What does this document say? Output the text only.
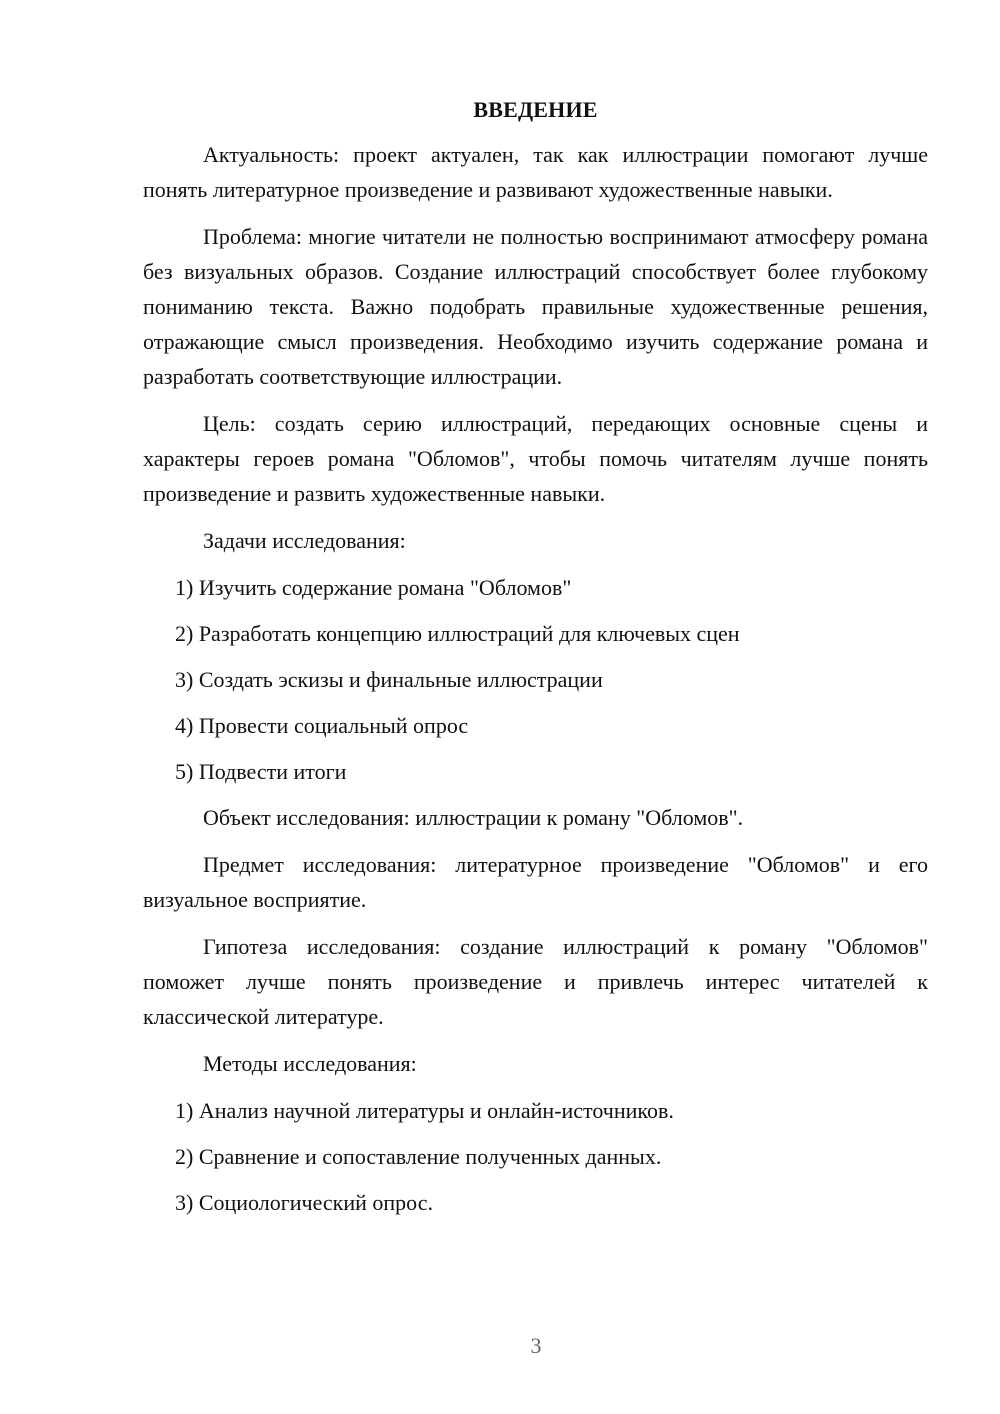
ВВЕДЕНИЕ

Актуальность: проект актуален, так как иллюстрации помогают лучше понять литературное произведение и развивают художественные навыки.

Проблема: многие читатели не полностью воспринимают атмосферу романа без визуальных образов. Создание иллюстраций способствует более глубокому пониманию текста. Важно подобрать правильные художественные решения, отражающие смысл произведения. Необходимо изучить содержание романа и разработать соответствующие иллюстрации.

Цель: создать серию иллюстраций, передающих основные сцены и характеры героев романа "Обломов", чтобы помочь читателям лучше понять произведение и развить художественные навыки.

Задачи исследования:

1) Изучить содержание романа "Обломов"
2) Разработать концепцию иллюстраций для ключевых сцен
3) Создать эскизы и финальные иллюстрации
4) Провести социальный опрос
5) Подвести итоги

Объект исследования: иллюстрации к роману "Обломов".

Предмет исследования: литературное произведение "Обломов" и его визуальное восприятие.

Гипотеза исследования: создание иллюстраций к роману "Обломов" поможет лучше понять произведение и привлечь интерес читателей к классической литературе.

Методы исследования:

1) Анализ научной литературы и онлайн-источников.
2) Сравнение и сопоставление полученных данных.
3) Социологический опрос.
3
